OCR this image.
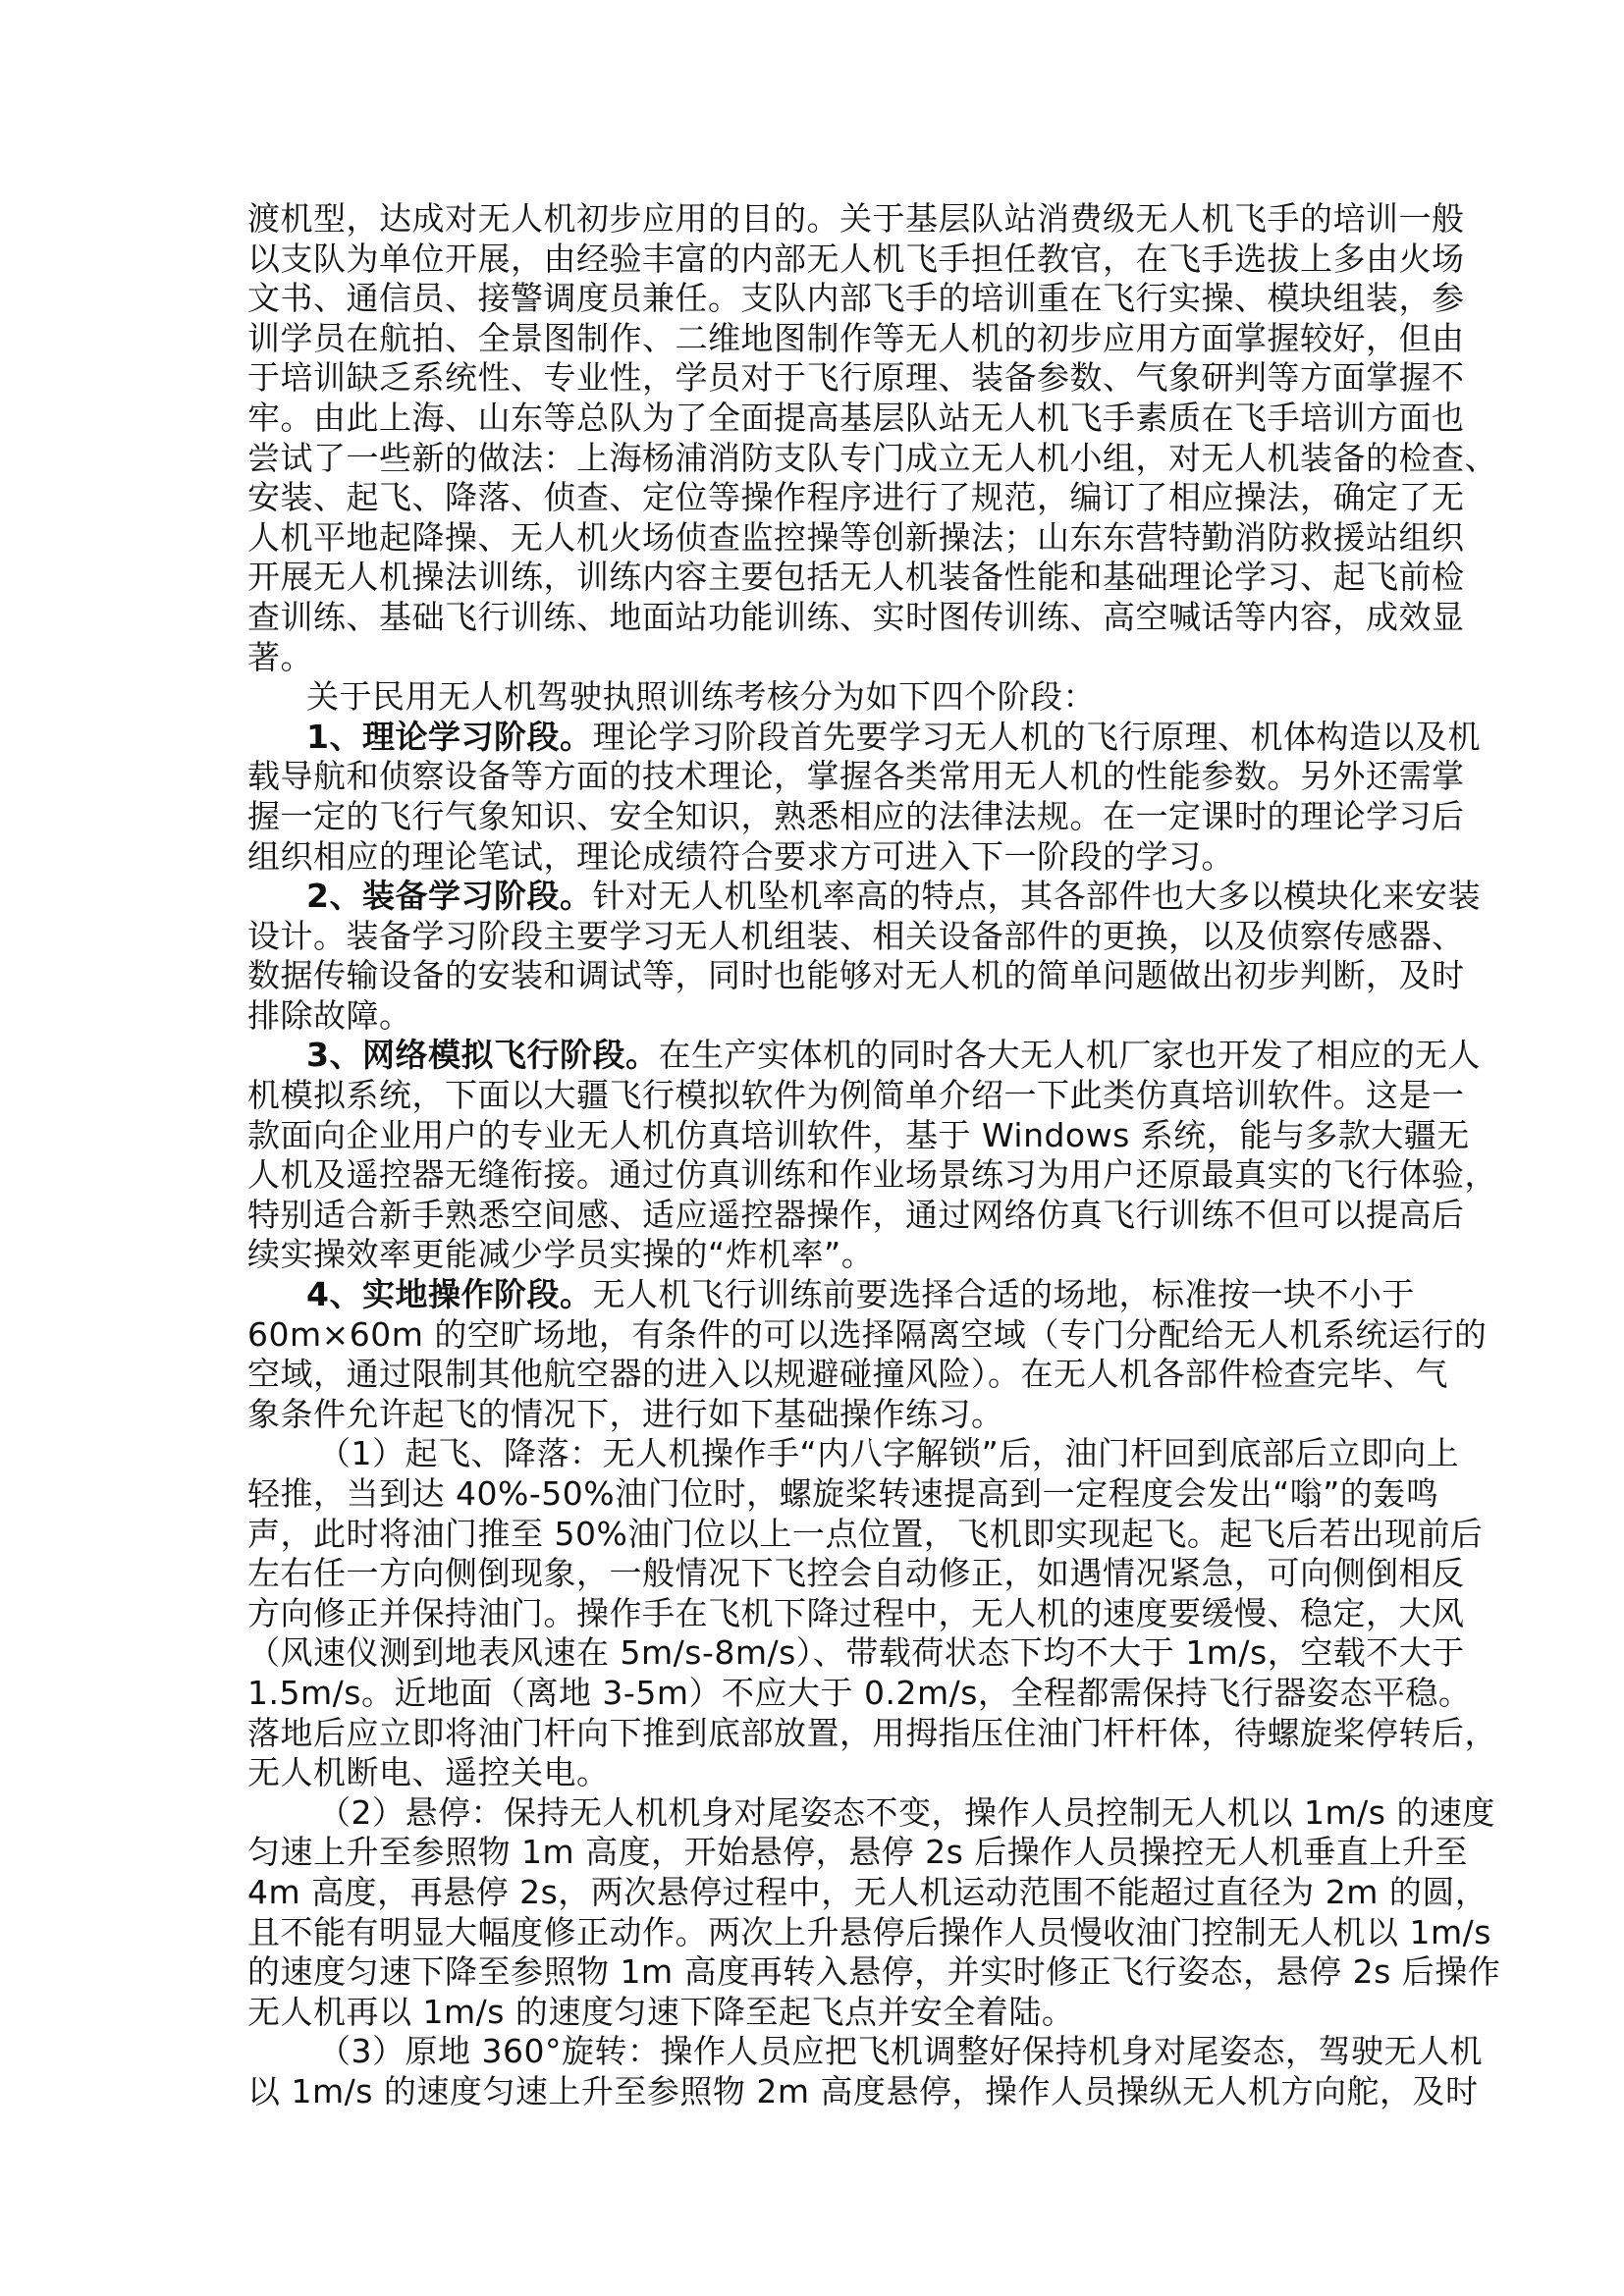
渡机型，达成对无人机初步应用的目的。关于基层队站消费级无人机飞手的培训一般
以支队为单位开展，由经验丰富的内部无人机飞手担任教官，在飞手选拔上多由火场
文书、通信员、接警调度员兼任。支队内部飞手的培训重在飞行实操、模块组装，参
训学员在航拍、全景图制作、二维地图制作等无人机的初步应用方面掌握较好，但由
于培训缺乏系统性、专业性，学员对于飞行原理、装备参数、气象研判等方面掌握不
牢。由此上海、山东等总队为了全面提高基层队站无人机飞手素质在飞手培训方面也
尝试了一些新的做法：上海杨浦消防支队专门成立无人机小组，对无人机装备的检查、
安装、起飞、降落、侦查、定位等操作程序进行了规范，编订了相应操法，确定了无
人机平地起降操、无人机火场侦查监控操等创新操法；山东东营特勤消防救援站组织
开展无人机操法训练，训练内容主要包括无人机装备性能和基础理论学习、起飞前检
查训练、基础飞行训练、地面站功能训练、实时图传训练、高空喊话等内容，成效显
著。
关于民用无人机驾驶执照训练考核分为如下四个阶段：
1、理论学习阶段。理论学习阶段首先要学习无人机的飞行原理、机体构造以及机
载导航和侦察设备等方面的技术理论，掌握各类常用无人机的性能参数。另外还需掌
握一定的飞行气象知识、安全知识，熟悉相应的法律法规。在一定课时的理论学习后
组织相应的理论笔试，理论成绩符合要求方可进入下一阶段的学习。
2、装备学习阶段。针对无人机坠机率高的特点，其各部件也大多以模块化来安装
设计。装备学习阶段主要学习无人机组装、相关设备部件的更换，以及侦察传感器、
数据传输设备的安装和调试等，同时也能够对无人机的简单问题做出初步判断，及时
排除故障。
3、网络模拟飞行阶段。在生产实体机的同时各大无人机厂家也开发了相应的无人
机模拟系统，下面以大疆飞行模拟软件为例简单介绍一下此类仿真培训软件。这是一
款面向企业用户的专业无人机仿真培训软件，基于 Windows 系统，能与多款大疆无
人机及遥控器无缝衔接。通过仿真训练和作业场景练习为用户还原最真实的飞行体验，
特别适合新手熟悉空间感、适应遥控器操作，通过网络仿真飞行训练不但可以提高后
续实操效率更能减少学员实操的“炸机率”。
4、实地操作阶段。无人机飞行训练前要选择合适的场地，标准按一块不小于
60m×60m 的空旷场地，有条件的可以选择隔离空域（专门分配给无人机系统运行的
空域，通过限制其他航空器的进入以规避碰撞风险）。在无人机各部件检查完毕、气
象条件允许起飞的情况下，进行如下基础操作练习。
（1）起飞、降落：无人机操作手“内八字解锁”后，油门杆回到底部后立即向上
轻推，当到达 40%-50%油门位时，螺旋桨转速提高到一定程度会发出“嗡”的轰鸣
声，此时将油门推至 50%油门位以上一点位置，飞机即实现起飞。起飞后若出现前后
左右任一方向侧倒现象，一般情况下飞控会自动修正，如遇情况紧急，可向侧倒相反
方向修正并保持油门。操作手在飞机下降过程中，无人机的速度要缓慢、稳定，大风
（风速仪测到地表风速在 5m/s-8m/s）、带载荷状态下均不大于 1m/s，空载不大于
1.5m/s。近地面（离地 3-5m）不应大于 0.2m/s，全程都需保持飞行器姿态平稳。
落地后应立即将油门杆向下推到底部放置，用拇指压住油门杆杆体，待螺旋桨停转后，
无人机断电、遥控关电。
（2）悬停：保持无人机机身对尾姿态不变，操作人员控制无人机以 1m/s 的速度
匀速上升至参照物 1m 高度，开始悬停，悬停 2s 后操作人员操控无人机垂直上升至
4m 高度，再悬停 2s，两次悬停过程中，无人机运动范围不能超过直径为 2m 的圆，
且不能有明显大幅度修正动作。两次上升悬停后操作人员慢收油门控制无人机以 1m/s
的速度匀速下降至参照物 1m 高度再转入悬停，并实时修正飞行姿态，悬停 2s 后操作
无人机再以 1m/s 的速度匀速下降至起飞点并安全着陆。
（3）原地 360°旋转：操作人员应把飞机调整好保持机身对尾姿态，驾驶无人机
以 1m/s 的速度匀速上升至参照物 2m 高度悬停，操作人员操纵无人机方向舵，及时
